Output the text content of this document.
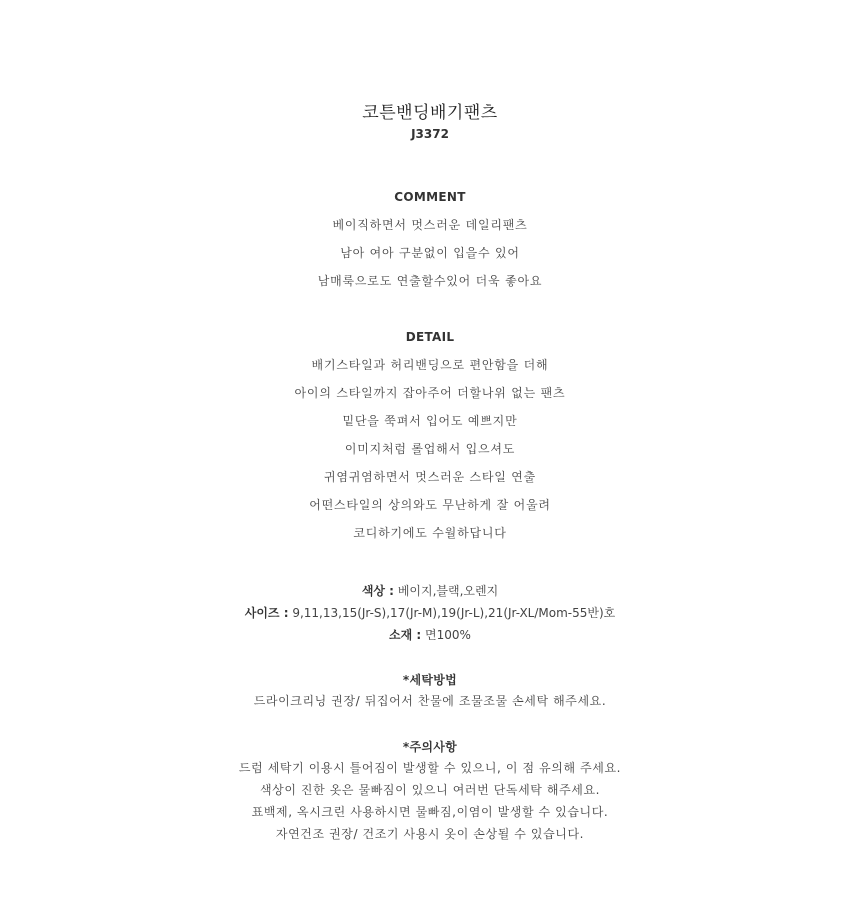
코튼밴딩배기팬츠
J3372
COMMENT
베이직하면서 멋스러운 데일리팬츠
남아 여아 구분없이 입을수 있어
남매룩으로도 연출할수있어 더욱 좋아요
DETAIL
배기스타일과 허리밴딩으로 편안함을 더해
아이의 스타일까지 잡아주어 더할나위 없는 팬츠
밑단을 쭉펴서 입어도 예쁘지만
이미지처럼 롤업해서 입으셔도
귀염귀염하면서 멋스러운 스타일 연출
어떤스타일의 상의와도 무난하게 잘 어울려
코디하기에도 수월하답니다
색상 : 베이지,블랙,오렌지
사이즈 : 9,11,13,15(Jr-S),17(Jr-M),19(Jr-L),21(Jr-XL/Mom-55반)호
소재 : 면100%
*세탁방법
드라이크리닝 권장/ 뒤집어서 찬물에 조물조물 손세탁 해주세요.
*주의사항
드럼 세탁기 이용시 틀어짐이 발생할 수 있으니, 이 점 유의해 주세요.
색상이 진한 옷은 물빠짐이 있으니 여러번 단독세탁 해주세요.
표백제, 옥시크린 사용하시면 물빠짐,이염이 발생할 수 있습니다.
자연건조 권장/ 건조기 사용시 옷이 손상될 수 있습니다.
